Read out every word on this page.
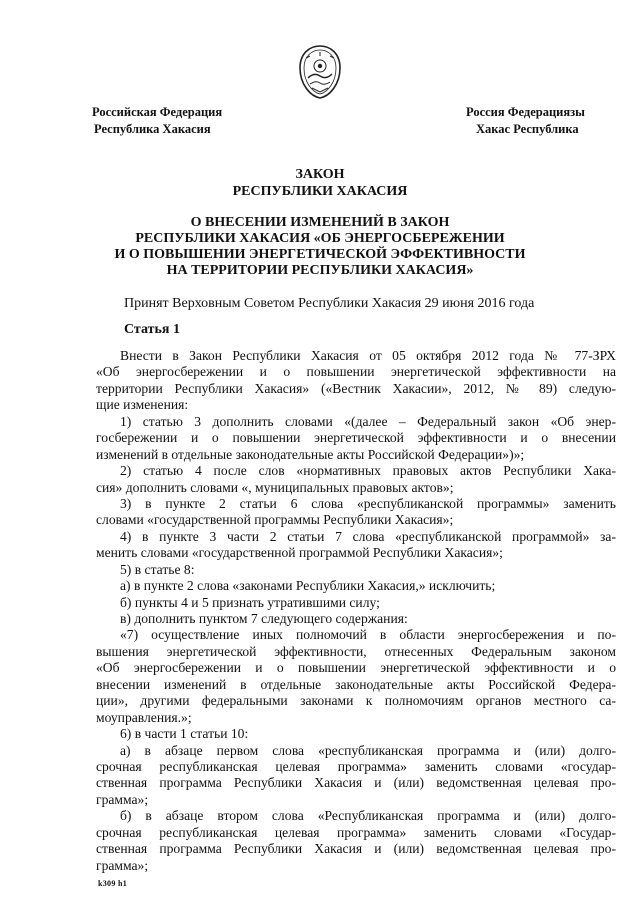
Российская Федерация
Республика Хакасия
Россия Федерациязы
Хакас Республика
ЗАКОН
РЕСПУБЛИКИ ХАКАСИЯ
О ВНЕСЕНИИ ИЗМЕНЕНИЙ В ЗАКОН
РЕСПУБЛИКИ ХАКАСИЯ «ОБ ЭНЕРГОСБЕРЕЖЕНИИ
И О ПОВЫШЕНИИ ЭНЕРГЕТИЧЕСКОЙ ЭФФЕКТИВНОСТИ
НА ТЕРРИТОРИИ РЕСПУБЛИКИ ХАКАСИЯ»
Принят Верховным Советом Республики Хакасия 29 июня 2016 года
Статья 1
Внести в Закон Республики Хакасия от 05 октября 2012 года № 77-ЗРХ
«Об энергосбережении и о повышении энергетической эффективности на
территории Республики Хакасия» («Вестник Хакасии», 2012, № 89) следую-
щие изменения:
1) статью 3 дополнить словами «(далее – Федеральный закон «Об энер-
госбережении и о повышении энергетической эффективности и о внесении
изменений в отдельные законодательные акты Российской Федерации»)»;
2) статью 4 после слов «нормативных правовых актов Республики Хака-
сия» дополнить словами «, муниципальных правовых актов»;
3) в пункте 2 статьи 6 слова «республиканской программы» заменить
словами «государственной программы Республики Хакасия»;
4) в пункте 3 части 2 статьи 7 слова «республиканской программой» за-
менить словами «государственной программой Республики Хакасия»;
5) в статье 8:
а) в пункте 2 слова «законами Республики Хакасия,» исключить;
б) пункты 4 и 5 признать утратившими силу;
в) дополнить пунктом 7 следующего содержания:
«7) осуществление иных полномочий в области энергосбережения и по-
вышения энергетической эффективности, отнесенных Федеральным законом
«Об энергосбережении и о повышении энергетической эффективности и о
внесении изменений в отдельные законодательные акты Российской Федера-
ции», другими федеральными законами к полномочиям органов местного са-
моуправления.»;
6) в части 1 статьи 10:
а) в абзаце первом слова «республиканская программа и (или) долго-
срочная республиканская целевая программа» заменить словами «государ-
ственная программа Республики Хакасия и (или) ведомственная целевая про-
грамма»;
б) в абзаце втором слова «Республиканская программа и (или) долго-
срочная республиканская целевая программа» заменить словами «Государ-
ственная программа Республики Хакасия и (или) ведомственная целевая про-
грамма»;
k309 h1
